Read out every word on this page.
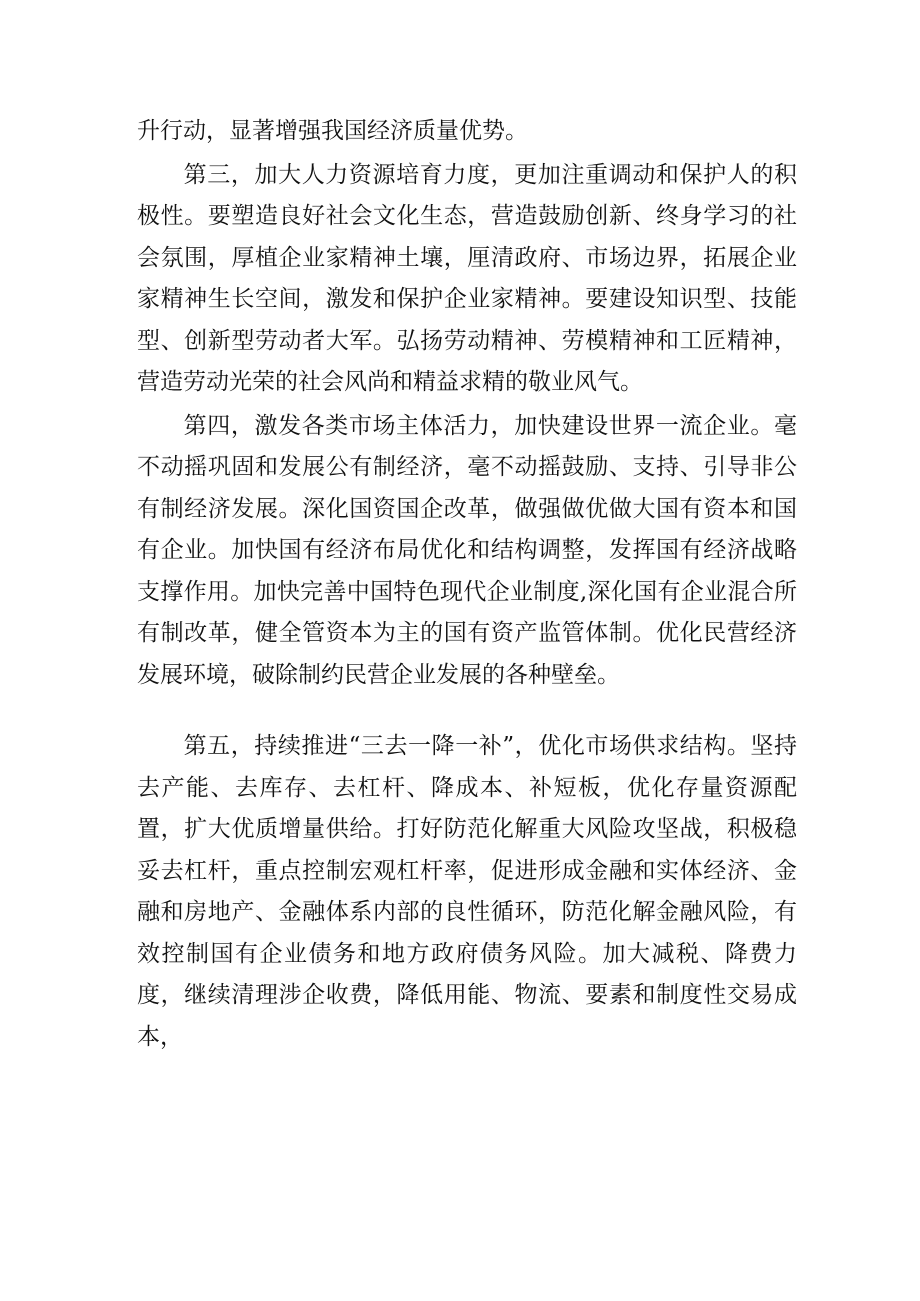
升行动，显著增强我国经济质量优势。

第三，加大人力资源培育力度，更加注重调动和保护人的积极性。要塑造良好社会文化生态，营造鼓励创新、终身学习的社会氛围，厚植企业家精神土壤，厘清政府、市场边界，拓展企业家精神生长空间，激发和保护企业家精神。要建设知识型、技能型、创新型劳动者大军。弘扬劳动精神、劳模精神和工匠精神，营造劳动光荣的社会风尚和精益求精的敬业风气。

第四，激发各类市场主体活力，加快建设世界一流企业。毫不动摇巩固和发展公有制经济，毫不动摇鼓励、支持、引导非公有制经济发展。深化国资国企改革，做强做优做大国有资本和国有企业。加快国有经济布局优化和结构调整，发挥国有经济战略支撑作用。加快完善中国特色现代企业制度,深化国有企业混合所有制改革，健全管资本为主的国有资产监管体制。优化民营经济发展环境，破除制约民营企业发展的各种壁垒。

第五，持续推进“三去一降一补”，优化市场供求结构。坚持去产能、去库存、去杠杆、降成本、补短板，优化存量资源配置，扩大优质增量供给。打好防范化解重大风险攻坚战，积极稳妥去杠杆，重点控制宏观杠杆率，促进形成金融和实体经济、金融和房地产、金融体系内部的良性循环，防范化解金融风险，有效控制国有企业债务和地方政府债务风险。加大减税、降费力度，继续清理涉企收费，降低用能、物流、要素和制度性交易成本，
